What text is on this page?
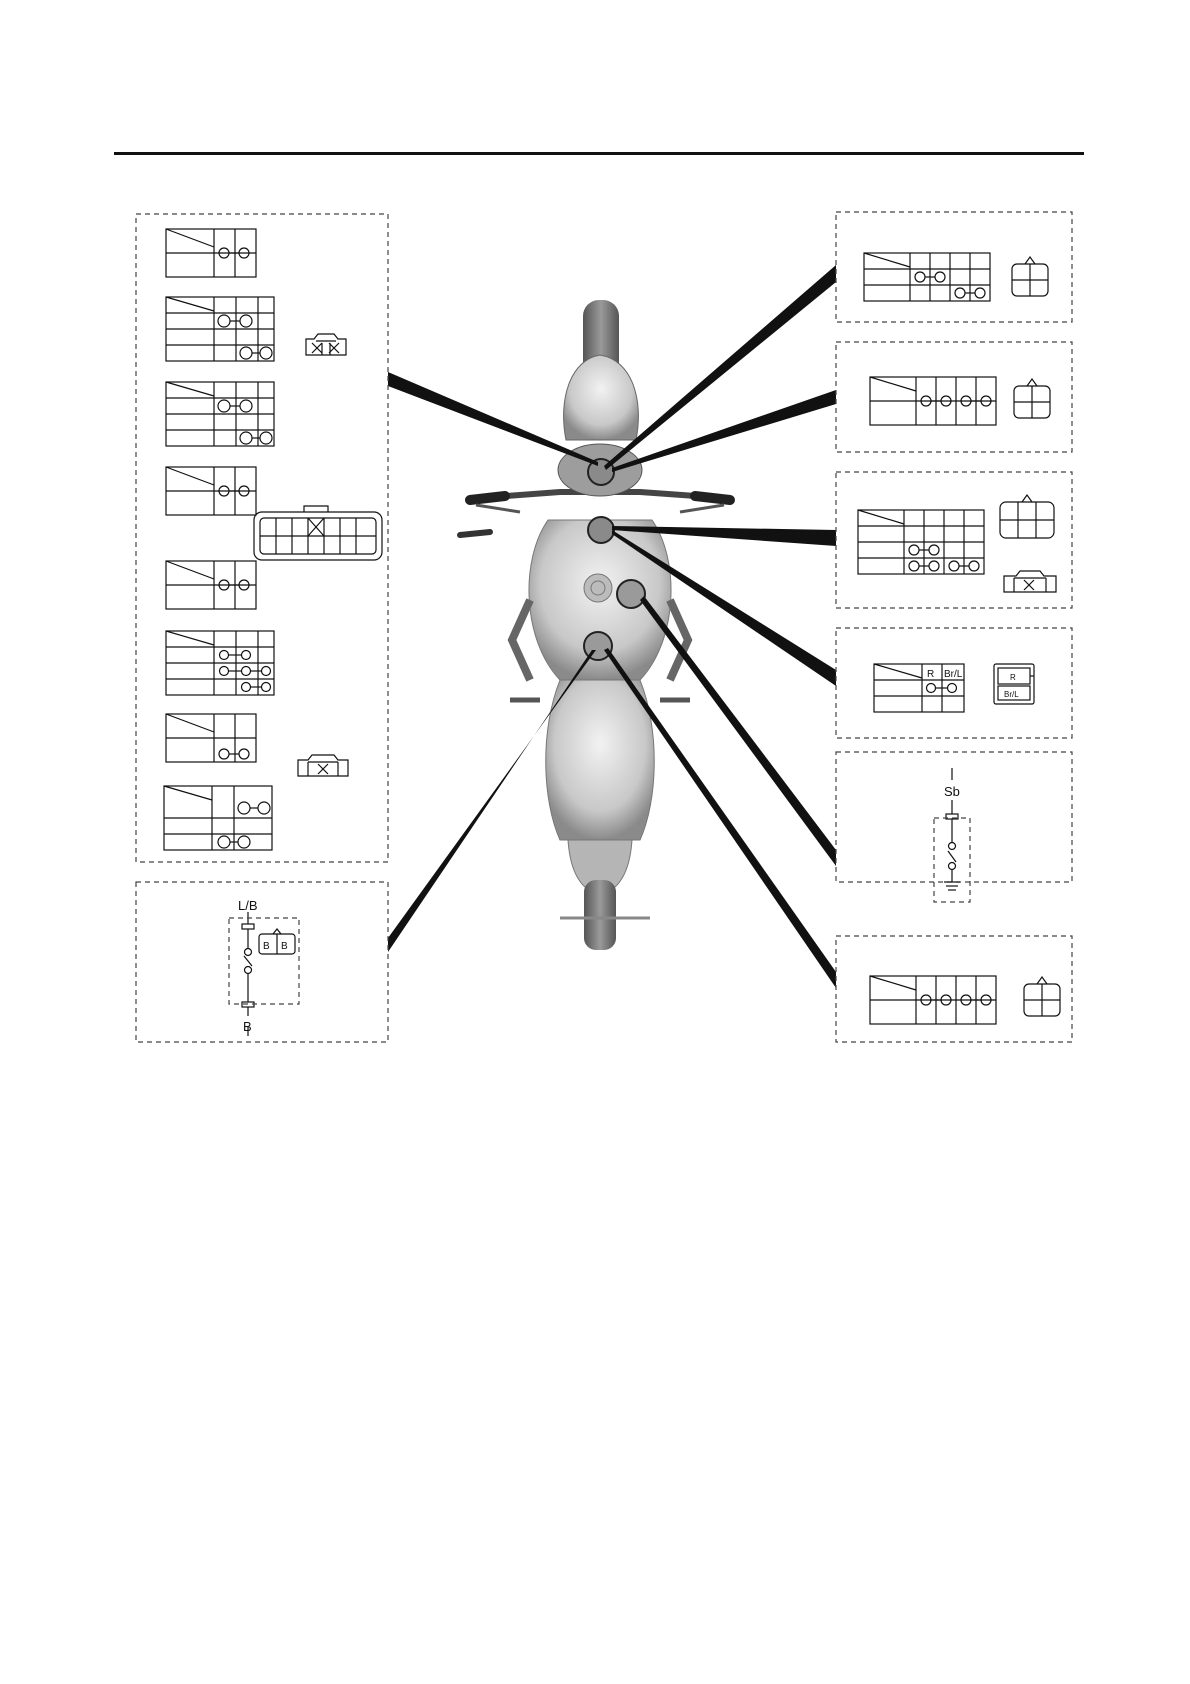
L/B
B
B B
R Br/L	R
Br/L
Sb
